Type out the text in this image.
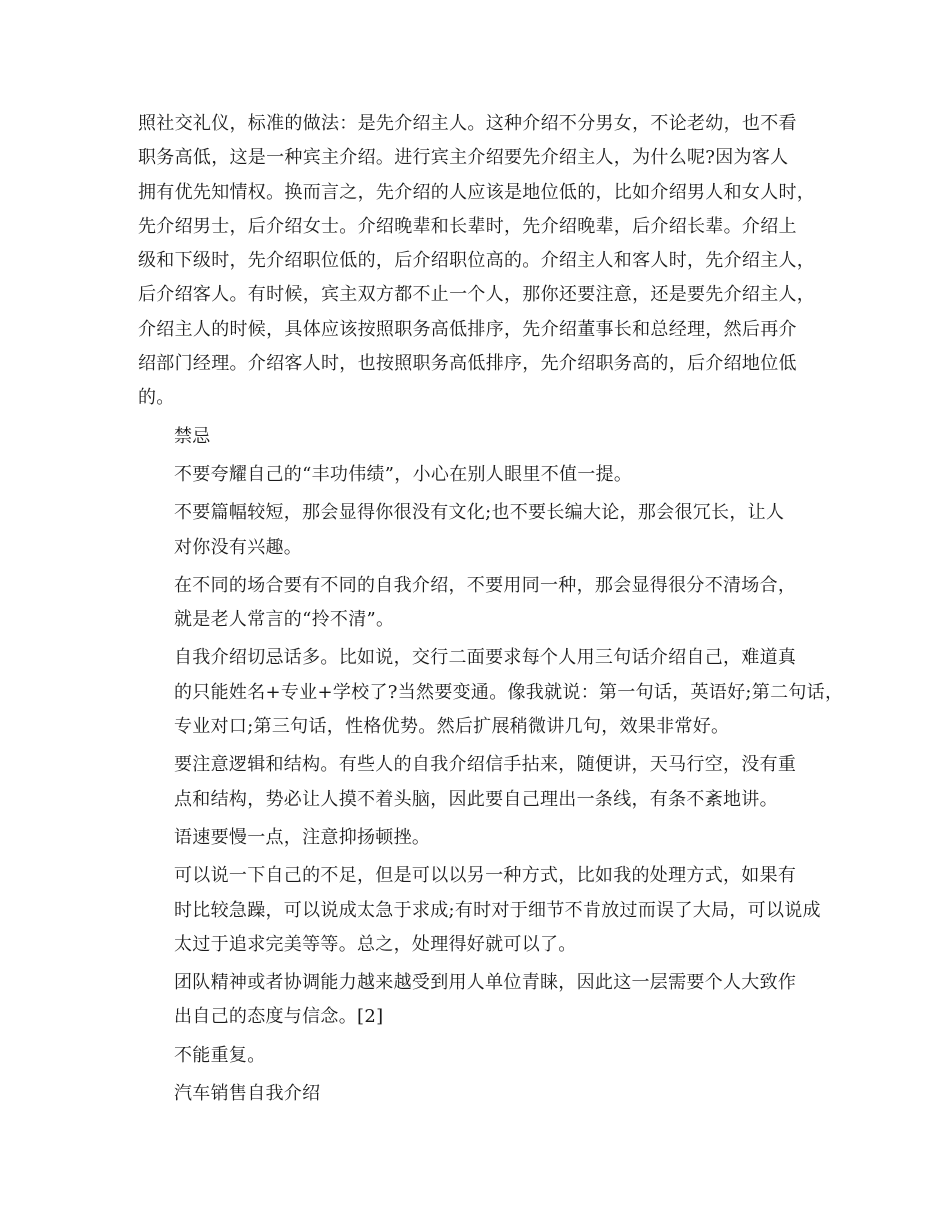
照社交礼仪，标准的做法：是先介绍主人。这种介绍不分男女，不论老幼，也不看
职务高低，这是一种宾主介绍。进行宾主介绍要先介绍主人，为什么呢?因为客人
拥有优先知情权。换而言之，先介绍的人应该是地位低的，比如介绍男人和女人时，
先介绍男士，后介绍女士。介绍晚辈和长辈时，先介绍晚辈，后介绍长辈。介绍上
级和下级时，先介绍职位低的，后介绍职位高的。介绍主人和客人时，先介绍主人，
后介绍客人。有时候，宾主双方都不止一个人，那你还要注意，还是要先介绍主人，
介绍主人的时候，具体应该按照职务高低排序，先介绍董事长和总经理，然后再介
绍部门经理。介绍客人时，也按照职务高低排序，先介绍职务高的，后介绍地位低
的。
禁忌
不要夸耀自己的“丰功伟绩”，小心在别人眼里不值一提。
不要篇幅较短，那会显得你很没有文化;也不要长编大论，那会很冗长，让人
对你没有兴趣。
在不同的场合要有不同的自我介绍，不要用同一种，那会显得很分不清场合，
就是老人常言的“拎不清”。
自我介绍切忌话多。比如说，交行二面要求每个人用三句话介绍自己，难道真
的只能姓名+专业+学校了?当然要变通。像我就说：第一句话，英语好;第二句话，
专业对口;第三句话，性格优势。然后扩展稍微讲几句，效果非常好。
要注意逻辑和结构。有些人的自我介绍信手拈来，随便讲，天马行空，没有重
点和结构，势必让人摸不着头脑，因此要自己理出一条线，有条不紊地讲。
语速要慢一点，注意抑扬顿挫。
可以说一下自己的不足，但是可以以另一种方式，比如我的处理方式，如果有
时比较急躁，可以说成太急于求成;有时对于细节不肯放过而误了大局，可以说成
太过于追求完美等等。总之，处理得好就可以了。
团队精神或者协调能力越来越受到用人单位青睐，因此这一层需要个人大致作
出自己的态度与信念。[2]
不能重复。
汽车销售自我介绍
